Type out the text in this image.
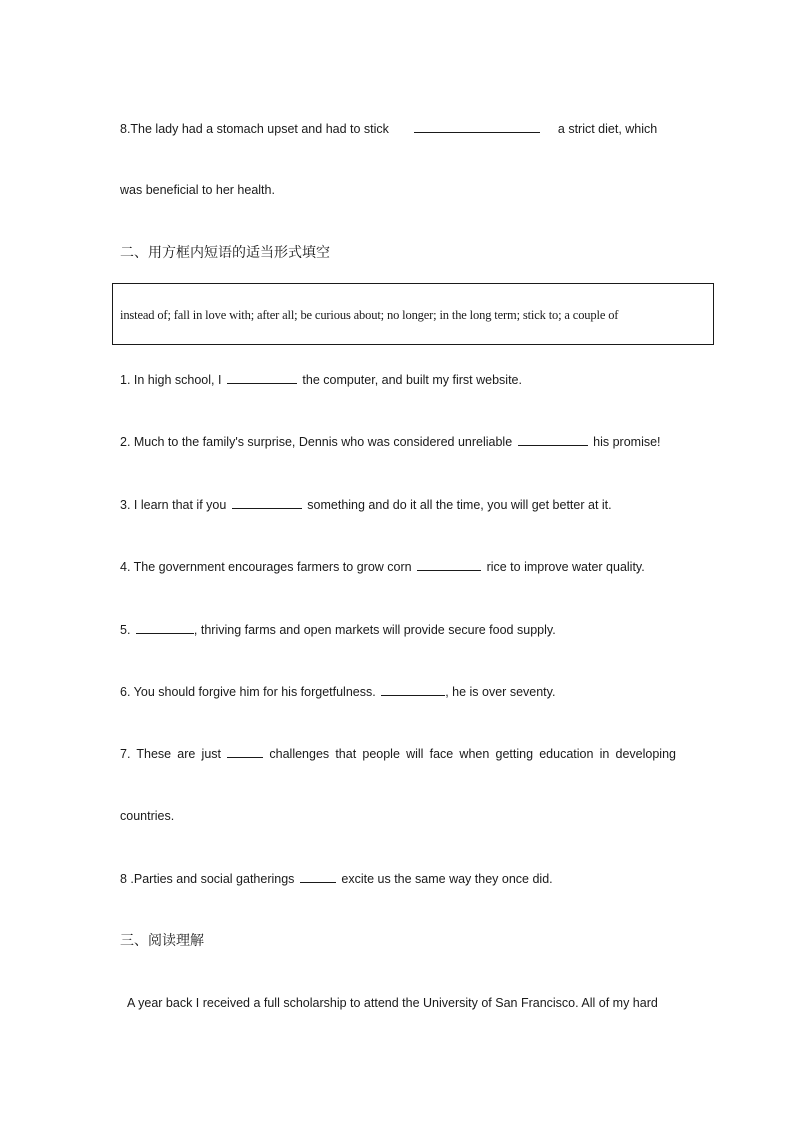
8.The lady had a stomach upset and had to stick	a strict diet, which
was beneficial to her health.
二、用方框内短语的适当形式填空
instead of; fall in love with; after all; be curious about; no longer; in the long term; stick to; a couple of
1. In high school, I	the computer, and built my first website.
2. Much to the family's surprise, Dennis who was considered unreliable	his promise!
3. I learn that if you	something and do it all the time, you will get better at it.
4. The government encourages farmers to grow corn	rice to improve water quality.
5.	, thriving farms and open markets will provide secure food supply.
6. You should forgive him for his forgetfulness.	, he is over seventy.
7. These are just	challenges that people will face when getting education in developing
countries.
8 .Parties and social gatherings	excite us the same way they once did.
三、阅读理解
A year back I received a full scholarship to attend the University of San Francisco. All of my hard
